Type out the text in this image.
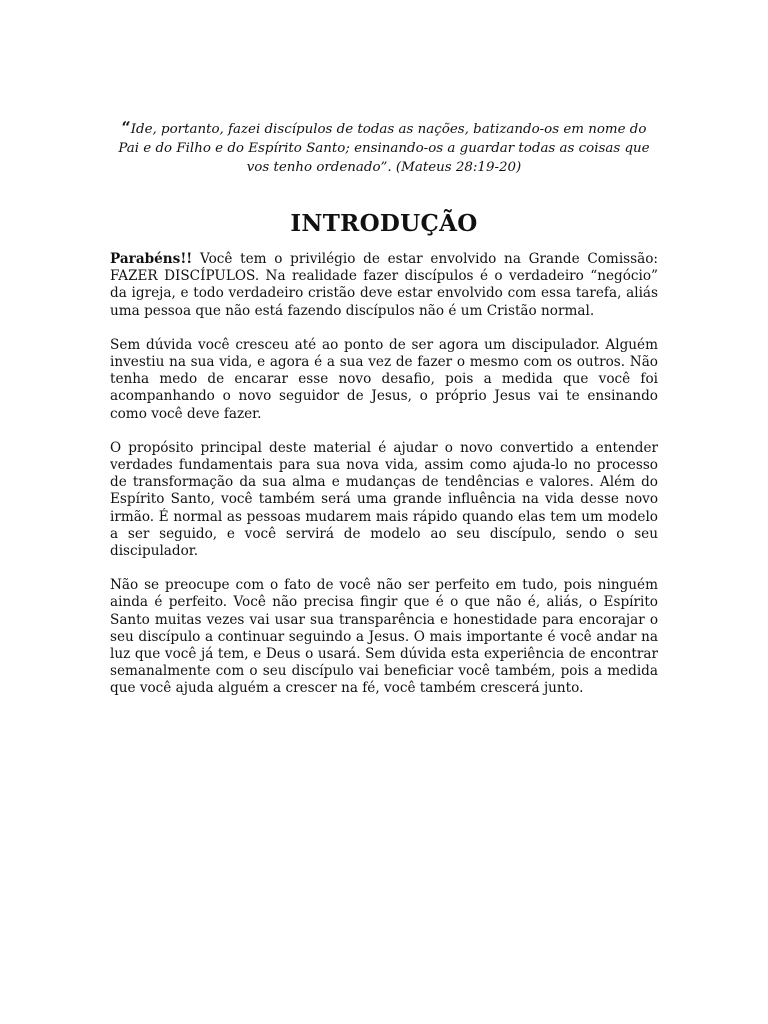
“Ide, portanto, fazei discípulos de todas as nações, batizando-os em nome do Pai e do Filho e do Espírito Santo; ensinando-os a guardar todas as coisas que vos tenho ordenado”. (Mateus 28:19-20)

INTRODUÇÃO

Parabéns!! Você tem o privilégio de estar envolvido na Grande Comissão: FAZER DISCÍPULOS. Na realidade fazer discípulos é o verdadeiro “negócio” da igreja, e todo verdadeiro cristão deve estar envolvido com essa tarefa, aliás uma pessoa que não está fazendo discípulos não é um Cristão normal.

Sem dúvida você cresceu até ao ponto de ser agora um discipulador. Alguém investiu na sua vida, e agora é a sua vez de fazer o mesmo com os outros. Não tenha medo de encarar esse novo desafio, pois a medida que você foi acompanhando o novo seguidor de Jesus, o próprio Jesus vai te ensinando como você deve fazer.

O propósito principal deste material é ajudar o novo convertido a entender verdades fundamentais para sua nova vida, assim como ajuda-lo no processo de transformação da sua alma e mudanças de tendências e valores. Além do Espírito Santo, você também será uma grande influência na vida desse novo irmão. É normal as pessoas mudarem mais rápido quando elas tem um modelo a ser seguido, e você servirá de modelo ao seu discípulo, sendo o seu discipulador.

Não se preocupe com o fato de você não ser perfeito em tudo, pois ninguém ainda é perfeito. Você não precisa fingir que é o que não é, aliás, o Espírito Santo muitas vezes vai usar sua transparência e honestidade para encorajar o seu discípulo a continuar seguindo a Jesus. O mais importante é você andar na luz que você já tem, e Deus o usará. Sem dúvida esta experiência de encontrar semanalmente com o seu discípulo vai beneficiar você também, pois a medida que você ajuda alguém a crescer na fé, você também crescerá junto.
